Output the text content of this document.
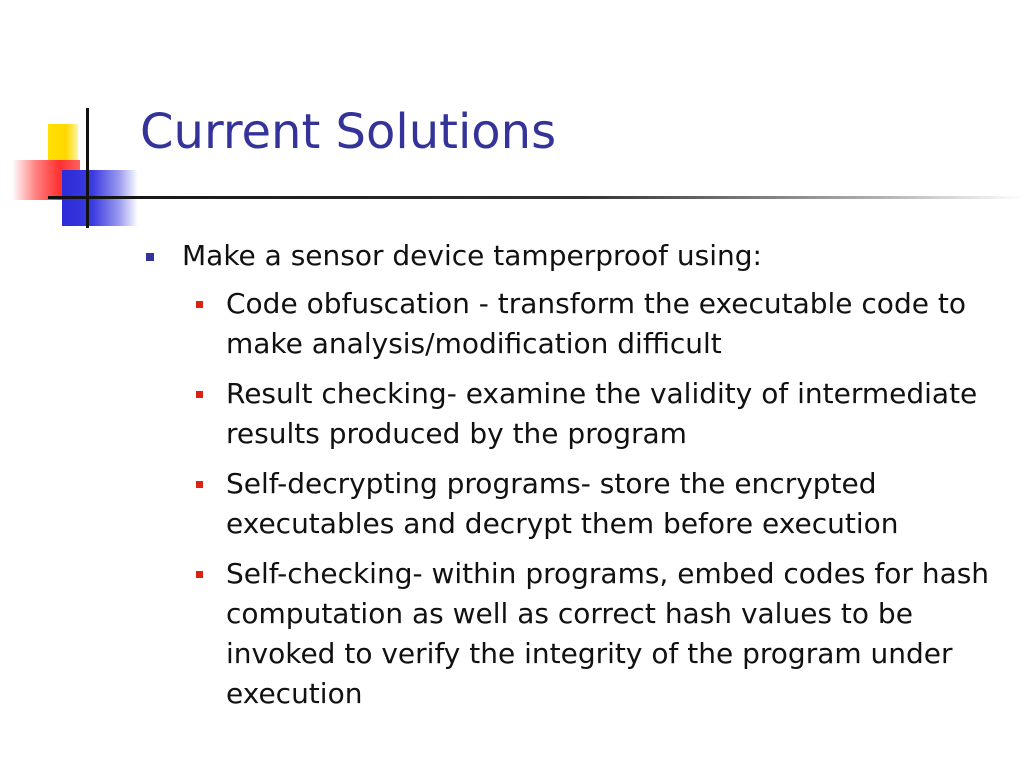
Current Solutions
Make a sensor device tamperproof using:
Code obfuscation - transform the executable code to make analysis/modification difficult
Result checking- examine the validity of intermediate results produced by the program
Self-decrypting programs- store the encrypted executables and decrypt them before execution
Self-checking- within programs, embed codes for hash computation as well as correct hash values to be invoked to verify the integrity of the program under execution
